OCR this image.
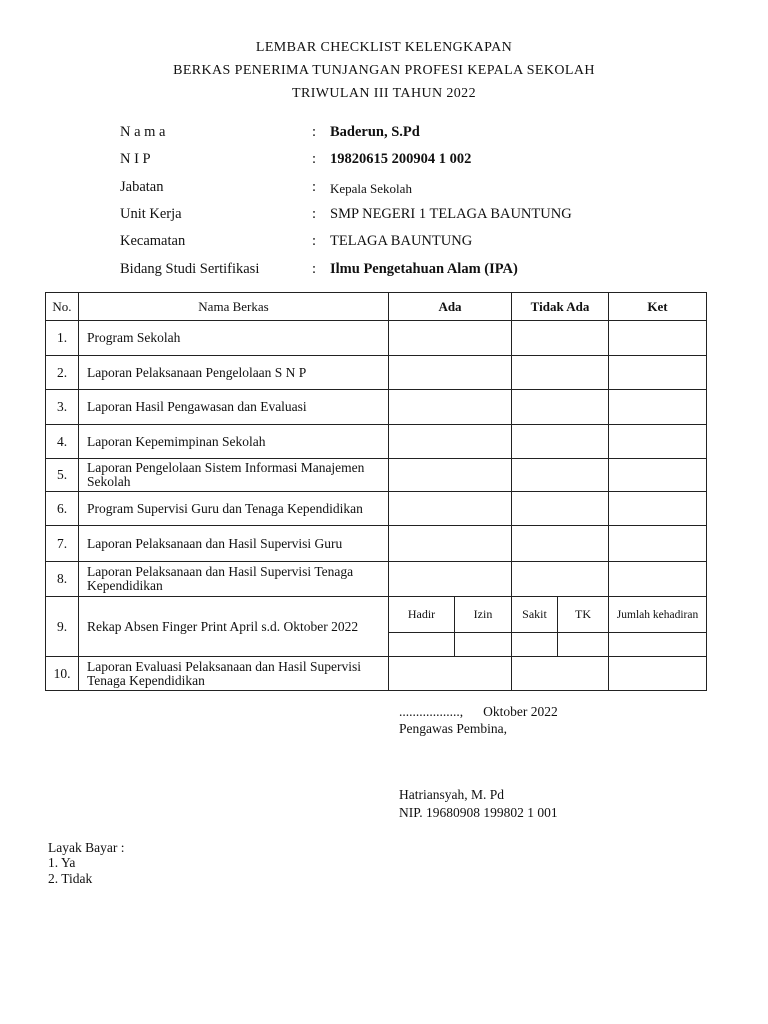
LEMBAR CHECKLIST KELENGKAPAN
BERKAS PENERIMA TUNJANGAN PROFESI KEPALA SEKOLAH
TRIWULAN III TAHUN 2022
N a m a	: Baderun, S.Pd
N I P	: 19820615 200904 1 002
Jabatan	: Kepala Sekolah
Unit Kerja	: SMP NEGERI 1 TELAGA BAUNTUNG
Kecamatan	: TELAGA BAUNTUNG
Bidang Studi Sertifikasi	: Ilmu Pengetahuan Alam (IPA)
No.	Nama Berkas	Ada		Tidak Ada		Ket
1.	Program Sekolah					
2.	Laporan Pelaksanaan Pengelolaan S N P					
3.	Laporan Hasil Pengawasan dan Evaluasi					
4.	Laporan Kepemimpinan Sekolah					
5.	Laporan Pengelolaan Sistem Informasi Manajemen Sekolah					
6.	Program Supervisi Guru dan Tenaga Kependidikan					
7.	Laporan Pelaksanaan dan Hasil Supervisi Guru					
8.	Laporan Pelaksanaan dan Hasil Supervisi Tenaga Kependidikan					
9.	Rekap Absen Finger Print April s.d. Oktober 2022	Hadir	Izin	Sakit	TK	Jumlah kehadiran

10.	Laporan Evaluasi Pelaksanaan dan Hasil Supervisi Tenaga Kependidikan					
.................., Oktober 2022
Pengawas Pembina,
Hatriansyah, M. Pd
NIP. 19680908 199802 1 001
Layak Bayar :
1. Ya
2. Tidak
